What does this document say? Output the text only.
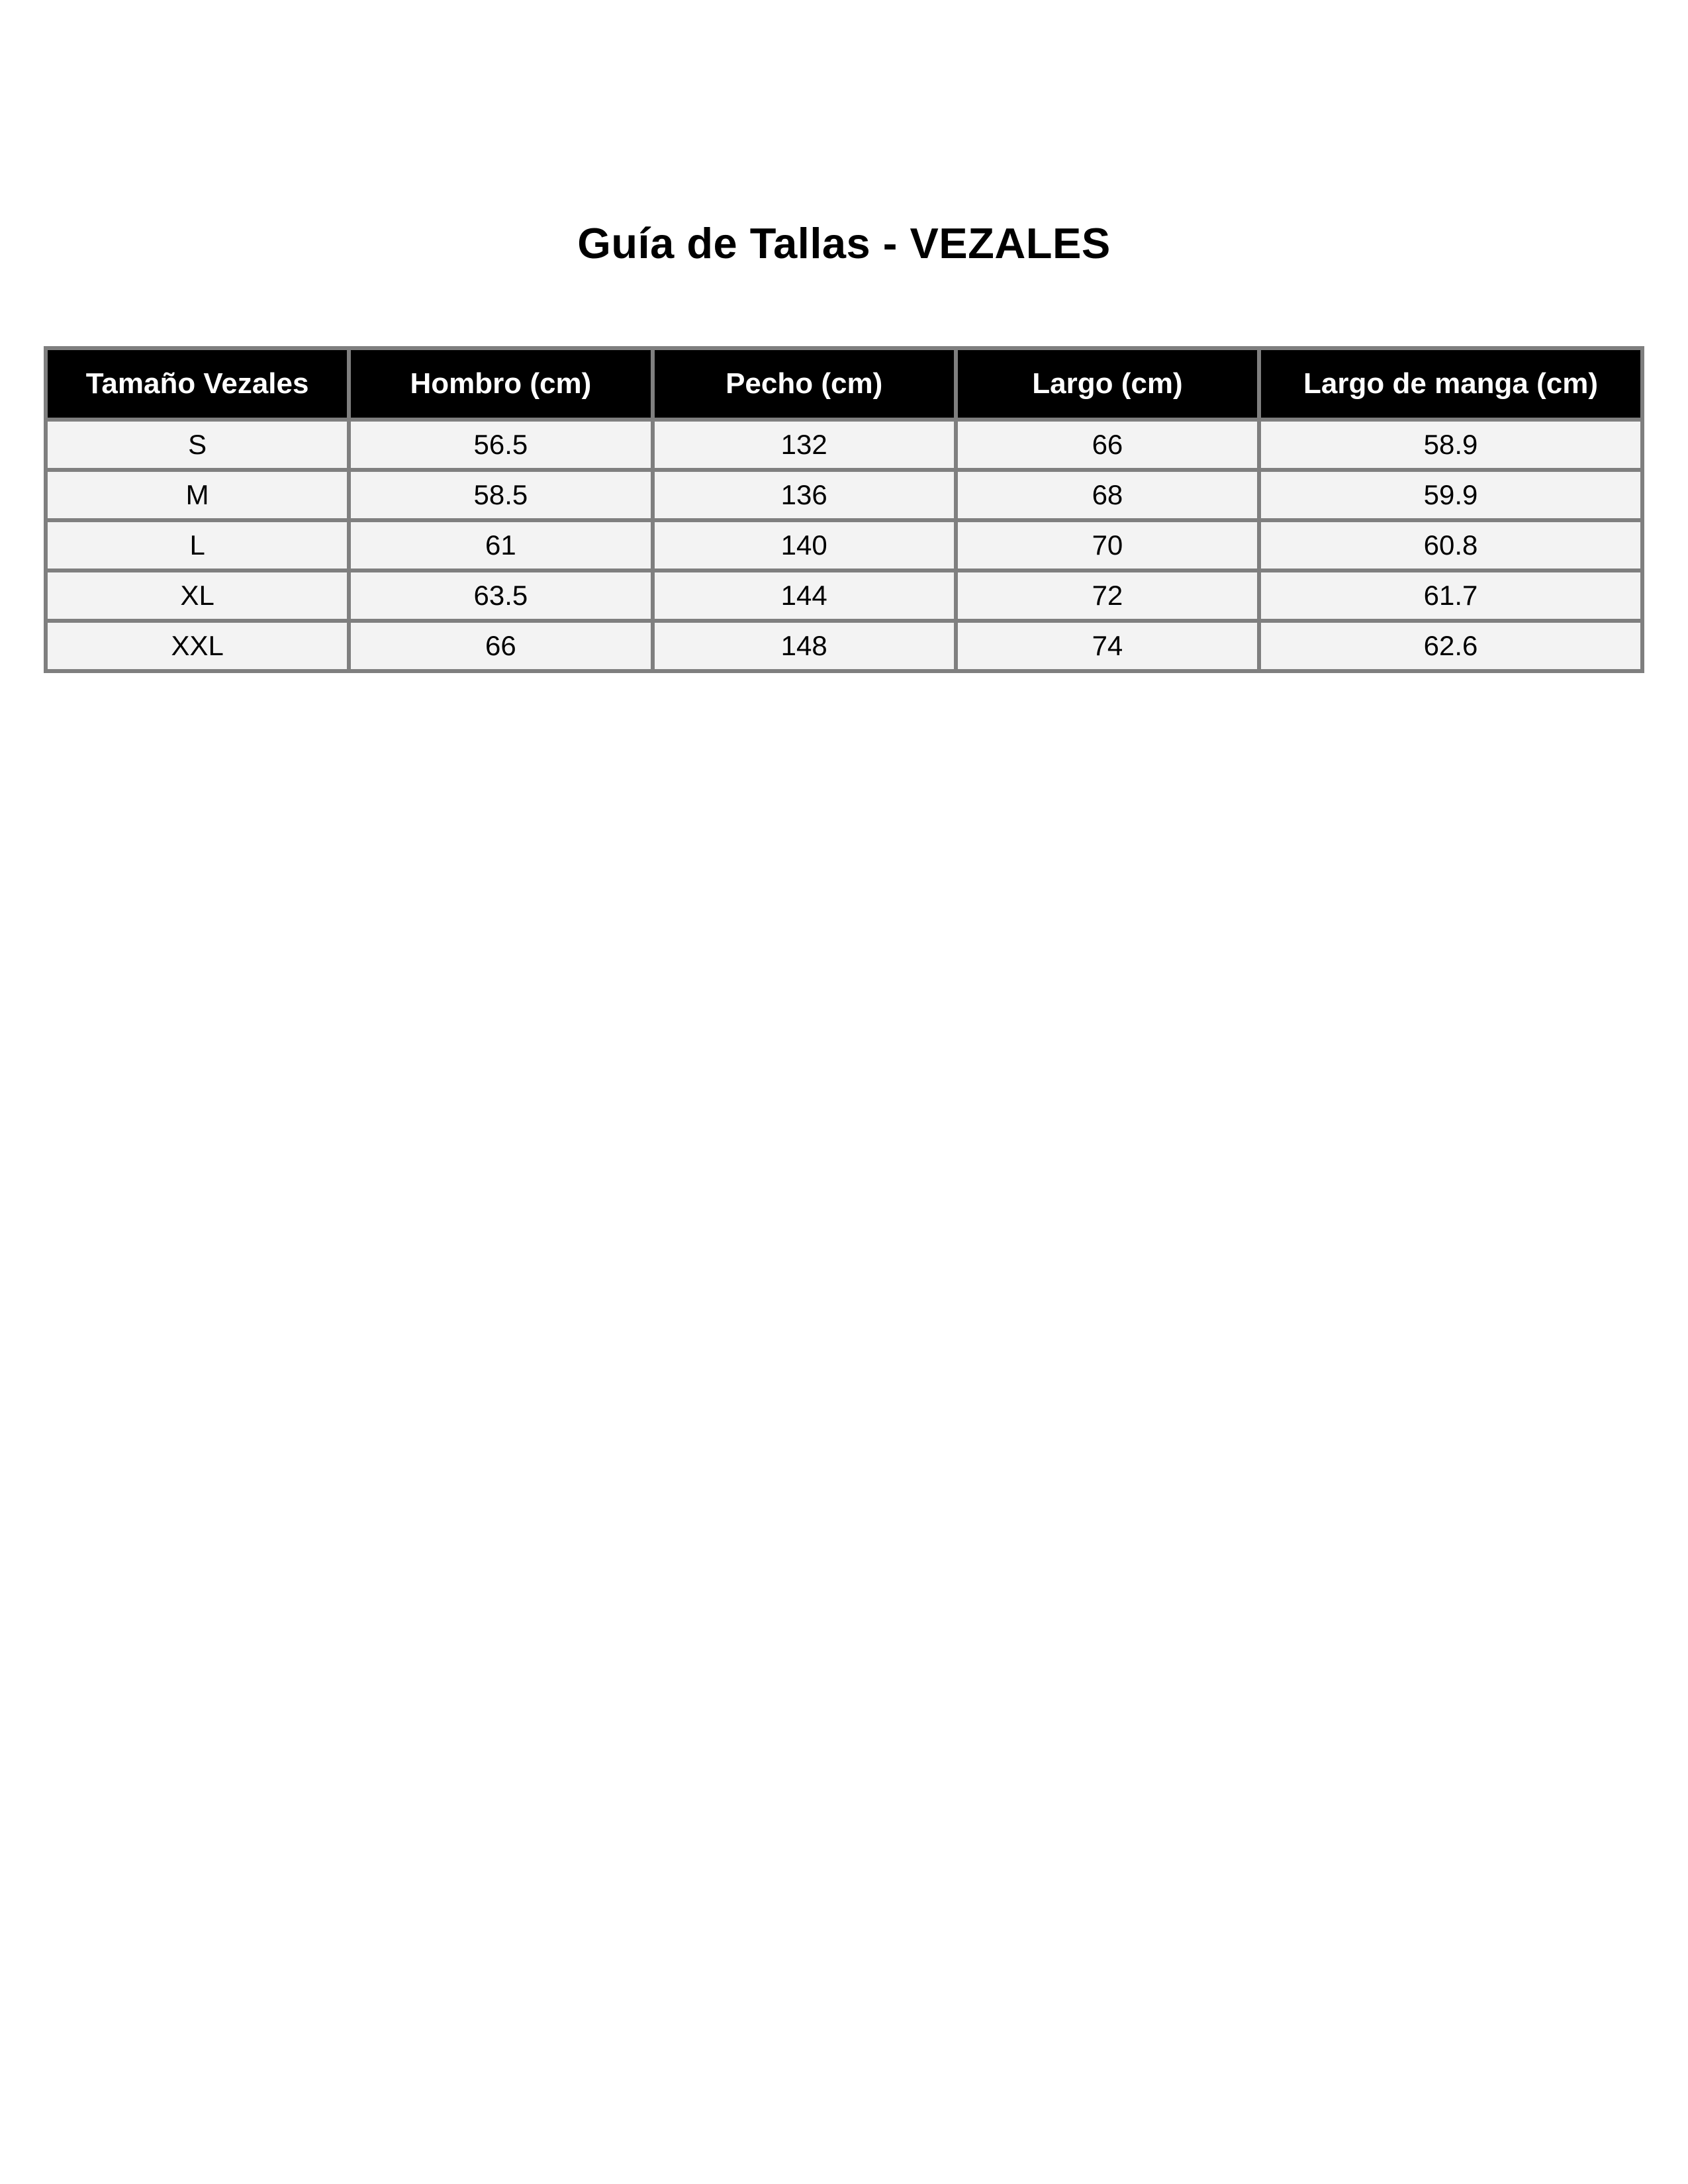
Guía de Tallas - VEZALES
Tamaño Vezales	Hombro (cm)	Pecho (cm)	Largo (cm)	Largo de manga (cm)
S	56.5	132	66	58.9
M	58.5	136	68	59.9
L	61	140	70	60.8
XL	63.5	144	72	61.7
XXL	66	148	74	62.6
